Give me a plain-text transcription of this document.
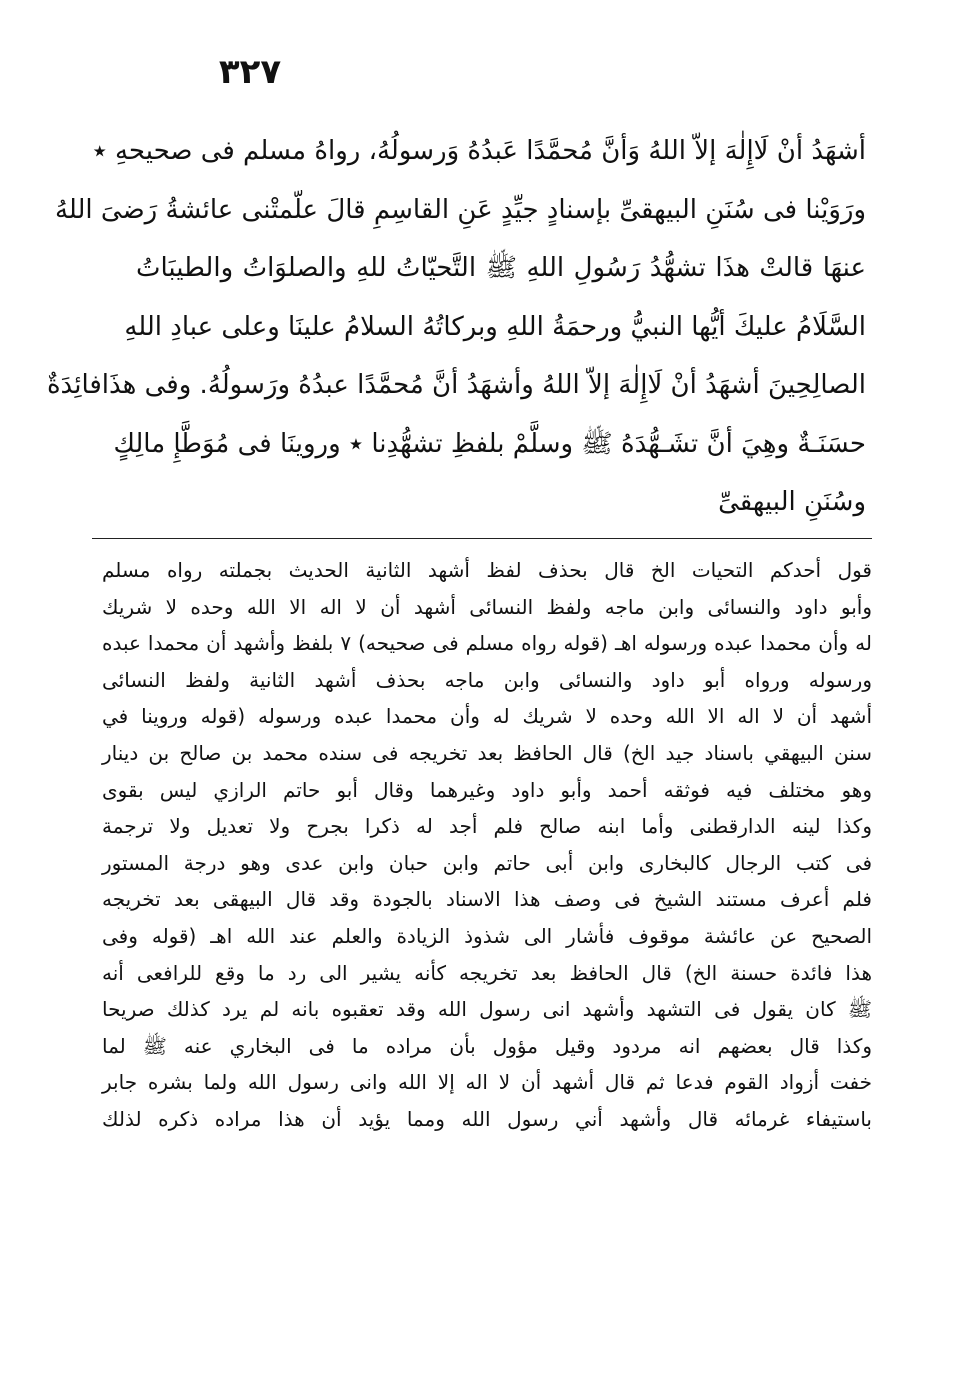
٣٢٧
أشهَدُ أنْ لَاإِلٰهَ إلاّ اللهُ وَأنَّ مُحمَّدًا عَبدُهُ وَرسولُهُ، رواهُ مسلم فى صحيحهِ ٭
ورَوَيْنا فى سُنَنِ البيهقىِّ بإسنادٍ جيِّدٍ عَنِ القاسِمِ قالَ علّمتْنى عائشةُ رَضىَ اللهُ
عنهَا قالتْ هذَا تشهُّدُ رَسُولِ اللهِ ﷺ التَّحيّاتُ للهِ والصلوَاتُ والطيبَاتُ
السَّلَامُ عليكَ أيُّها النبيُّ ورحمَةُ اللهِ وبركاتُهُ السلامُ علينَا وعلى عبادِ اللهِ
الصالِحِينَ أشهَدُ أنْ لَاإِلٰهَ إلاّ اللهُ وأشهَدُ أنَّ مُحمَّدًا عبدُهُ ورَسولُهُ. وفى هذَافائِدَةٌ
حسَنَـةٌ وهِيَ أنَّ تشَـهُّدَهُ ﷺ وسلَّمْ بلفظِ تشهُّدِنا ٭ وروينَا فى مُوَطَّإِ مالِكٍ
وسُنَنِ البيهقىِّ
قول أحدكم التحيات الخ قال بحذف لفظ أشهد الثانية الحديث بجملته رواه مسلم
وأبو داود والنسائى وابن ماجه ولفظ النسائى أشهد أن لا اله الا الله وحده لا شريك
له وأن محمدا عبده ورسوله اهـ (قوله رواه مسلم فى صحيحه) ٧ بلفظ وأشهد أن محمدا عبده
ورسوله ورواه أبو داود والنسائى وابن ماجه بحذف أشهد الثانية ولفظ النسائى
أشهد أن لا اله الا الله وحده لا شريك له وأن محمدا عبده ورسوله (قوله وروينا في
سنن البيهقي باسناد جيد الخ) قال الحافظ بعد تخريجه فى سنده محمد بن صالح بن دينار
وهو مختلف فيه فوثقه أحمد وأبو داود وغيرهما وقال أبو حاتم الرازي ليس بقوى
وكذا لينه الدارقطنى وأما ابنه صالح فلم أجد له ذكرا بجرح ولا تعديل ولا ترجمة
فى كتب الرجال كالبخارى وابن أبى حاتم وابن حبان وابن عدى وهو درجة المستور
فلم أعرف مستند الشيخ فى وصف هذا الاسناد بالجودة وقد قال البيهقى بعد تخريجه
الصحيح عن عائشة موقوف فأشار الى شذوذ الزيادة والعلم عند الله اهـ (قوله وفى
هذا فائدة حسنة الخ) قال الحافظ بعد تخريجه كأنه يشير الى رد ما وقع للرافعى أنه
ﷺ كان يقول فى التشهد وأشهد انى رسول الله وقد تعقبوه بانه لم يرد كذلك صريحا
وكذا قال بعضهم انه مردود وقيل مؤول بأن مراده ما فى البخاري عنه ﷺ لما
خفت أزواد القوم فدعا ثم قال أشهد أن لا اله إلا الله وانى رسول الله ولما بشره جابر
باستيفاء غرمائه قال وأشهد أني رسول الله ومما يؤيد أن هذا مراده ذكره لذلك
